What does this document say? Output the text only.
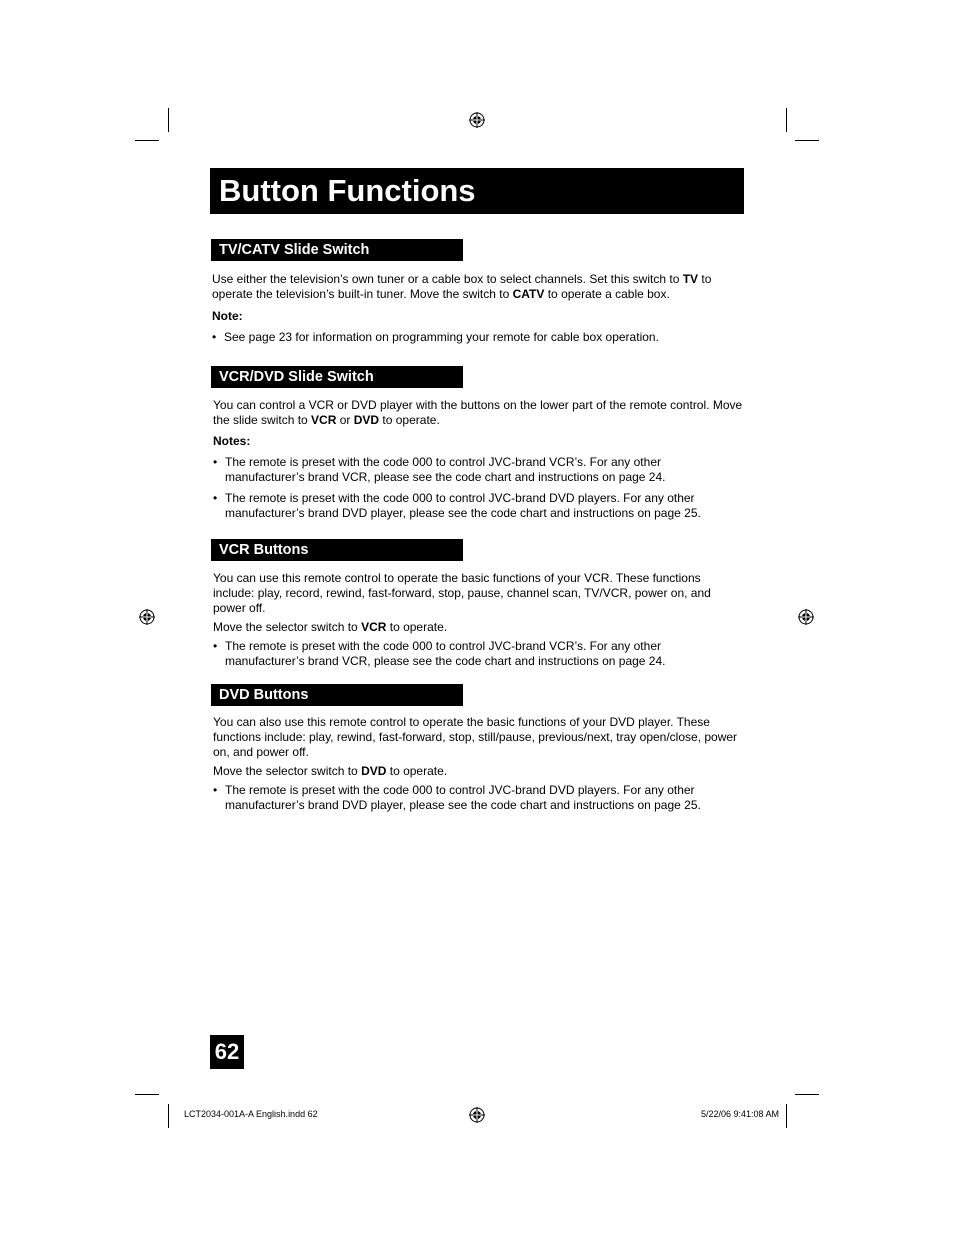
Button Functions
TV/CATV Slide Switch

Use either the television’s own tuner or a cable box to select channels. Set this switch to TV to operate the television’s built-in tuner. Move the switch to CATV to operate a cable box.

Note:
• See page 23 for information on programming your remote for cable box operation.
VCR/DVD Slide Switch

You can control a VCR or DVD player with the buttons on the lower part of the remote control. Move the slide switch to VCR or DVD to operate.

Notes:
• The remote is preset with the code 000 to control JVC-brand VCR’s. For any other manufacturer’s brand VCR, please see the code chart and instructions on page 24.
• The remote is preset with the code 000 to control JVC-brand DVD players. For any other manufacturer’s brand DVD player, please see the code chart and instructions on page 25.
VCR Buttons

You can use this remote control to operate the basic functions of your VCR. These functions include: play, record, rewind, fast-forward, stop, pause, channel scan, TV/VCR, power on, and power off.

Move the selector switch to VCR to operate.

• The remote is preset with the code 000 to control JVC-brand VCR’s. For any other manufacturer’s brand VCR, please see the code chart and instructions on page 24.
DVD Buttons

You can also use this remote control to operate the basic functions of your DVD player. These functions include: play, rewind, fast-forward, stop, still/pause, previous/next, tray open/close, power on, and power off.

Move the selector switch to DVD to operate.

• The remote is preset with the code 000 to control JVC-brand DVD players. For any other manufacturer’s brand DVD player, please see the code chart and instructions on page 25.
62
LCT2034-001A-A English.indd 62	5/22/06 9:41:08 AM
